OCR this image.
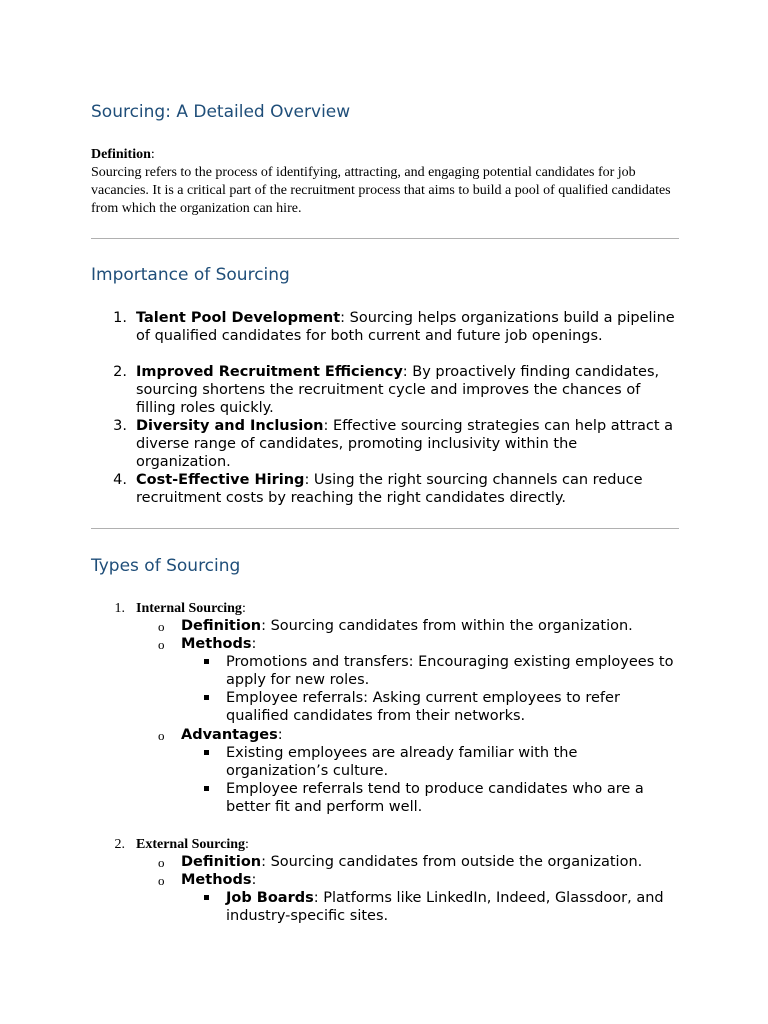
Sourcing: A Detailed Overview
Definition:
Sourcing refers to the process of identifying, attracting, and engaging potential candidates for job vacancies. It is a critical part of the recruitment process that aims to build a pool of qualified candidates from which the organization can hire.
Importance of Sourcing
1. Talent Pool Development: Sourcing helps organizations build a pipeline of qualified candidates for both current and future job openings.
2. Improved Recruitment Efficiency: By proactively finding candidates, sourcing shortens the recruitment cycle and improves the chances of filling roles quickly.
3. Diversity and Inclusion: Effective sourcing strategies can help attract a diverse range of candidates, promoting inclusivity within the organization.
4. Cost-Effective Hiring: Using the right sourcing channels can reduce recruitment costs by reaching the right candidates directly.
Types of Sourcing
1. Internal Sourcing:
o Definition: Sourcing candidates from within the organization.
o Methods:
Promotions and transfers: Encouraging existing employees to apply for new roles.
Employee referrals: Asking current employees to refer qualified candidates from their networks.
o Advantages:
Existing employees are already familiar with the organization’s culture.
Employee referrals tend to produce candidates who are a better fit and perform well.
2. External Sourcing:
o Definition: Sourcing candidates from outside the organization.
o Methods:
Job Boards: Platforms like LinkedIn, Indeed, Glassdoor, and industry-specific sites.
